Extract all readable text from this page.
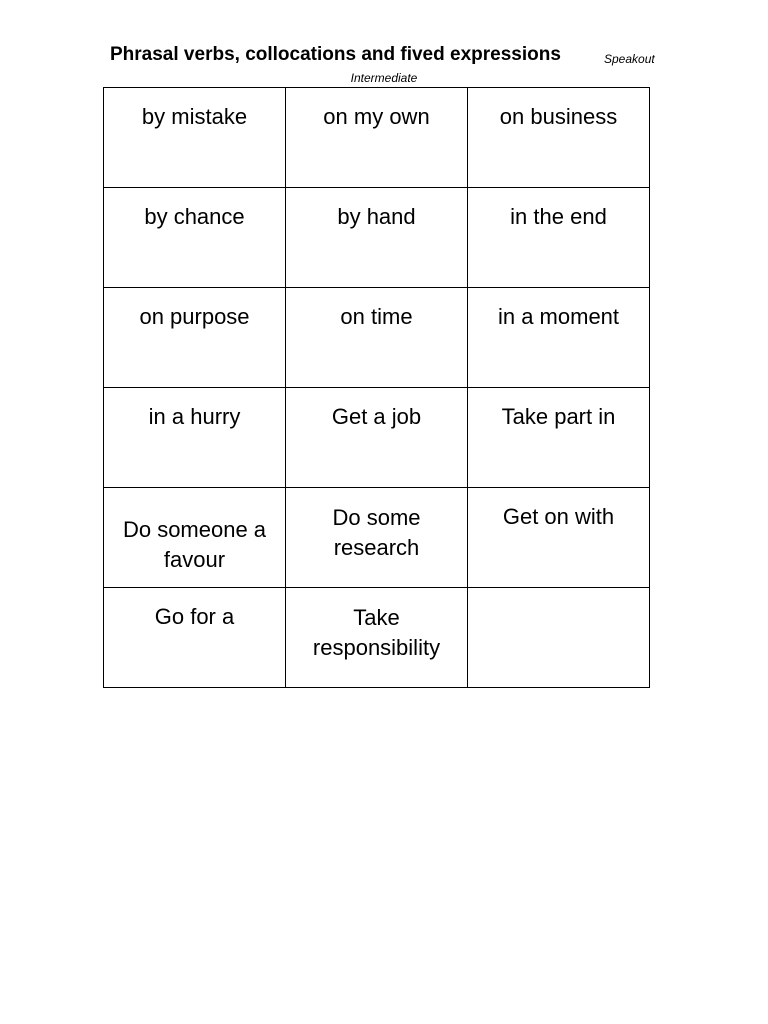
Phrasal verbs, collocations and fived expressions	Speakout
Intermediate
by mistake	on my own	on business

by chance	by hand	in the end

on purpose	on time	in a moment

in a hurry	Get a job	Take part in

Do someone a favour	Do some research	Get on with

Go for a	Take responsibility	
